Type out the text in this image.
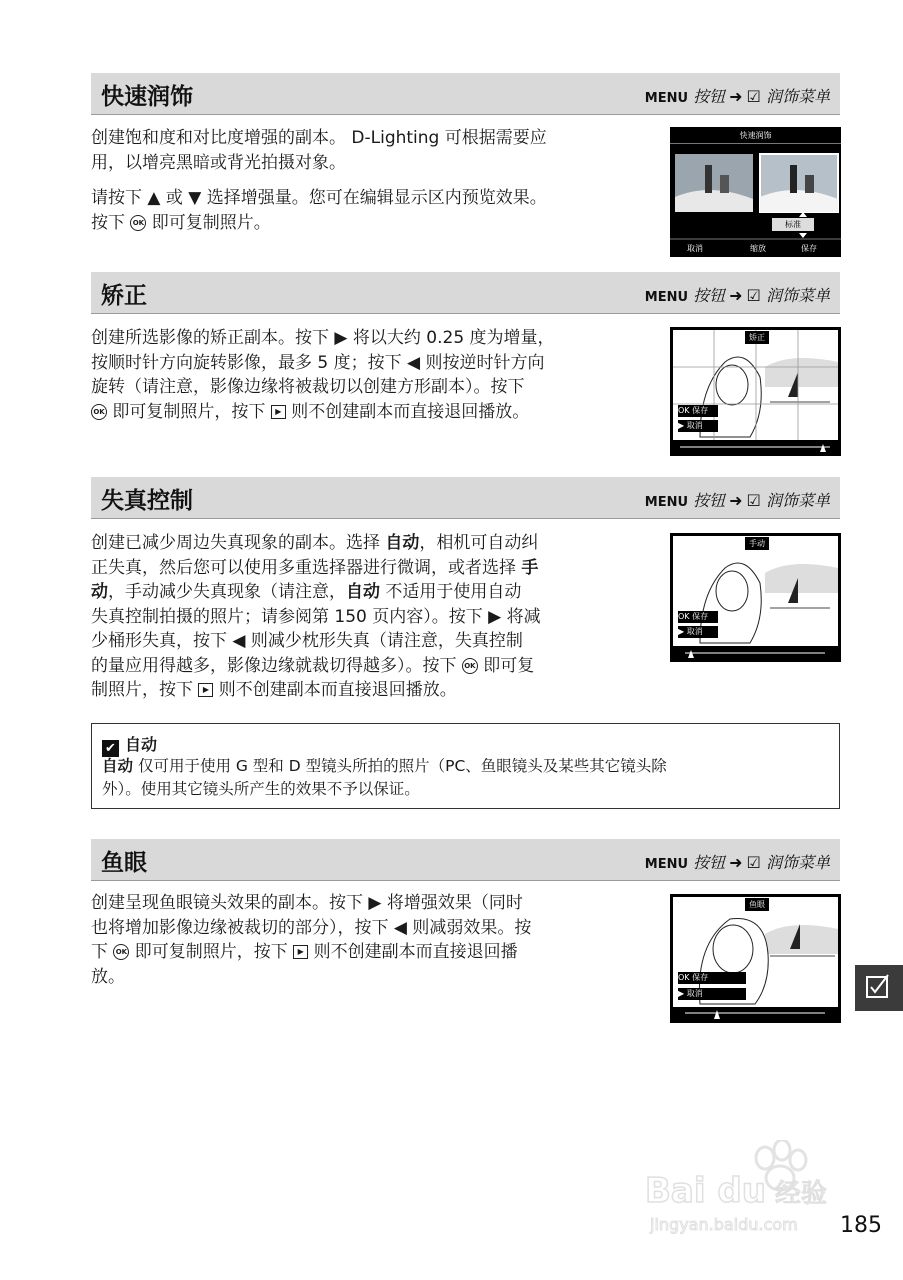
快速润饰	MENU 按钮 ➜ ☑ 润饰菜单
创建饱和度和对比度增强的副本。 D-Lighting 可根据需要应
用，以增亮黑暗或背光拍摄对象。
请按下 ▲ 或 ▼ 选择增强量。您可在编辑显示区内预览效果。
按下 OK 即可复制照片。
快速润饰
标准
取消	缩放	保存
矫正	MENU 按钮 ➜ ☑ 润饰菜单
创建所选影像的矫正副本。按下 ▶ 将以大约 0.25 度为增量，
按顺时针方向旋转影像，最多 5 度；按下 ◀ 则按逆时针方向
旋转（请注意，影像边缘将被裁切以创建方形副本）。按下
OK 即可复制照片，按下 ▶ 则不创建副本而直接退回播放。
矫正
OK 保存
▶ 取消
失真控制	MENU 按钮 ➜ ☑ 润饰菜单
创建已减少周边失真现象的副本。选择 自动，相机可自动纠
正失真，然后您可以使用多重选择器进行微调，或者选择 手
动，手动减少失真现象（请注意，自动 不适用于使用自动
失真控制拍摄的照片；请参阅第 150 页内容）。按下 ▶ 将减
少桶形失真，按下 ◀ 则减少枕形失真（请注意，失真控制
的量应用得越多，影像边缘就裁切得越多）。按下 OK 即可复
制照片，按下 ▶ 则不创建副本而直接退回播放。
手动
OK 保存
▶ 取消
✔ 自动
自动 仅可用于使用 G 型和 D 型镜头所拍的照片（PC、鱼眼镜头及某些其它镜头除
外）。使用其它镜头所产生的效果不予以保证。
鱼眼	MENU 按钮 ➜ ☑ 润饰菜单
创建呈现鱼眼镜头效果的副本。按下 ▶ 将增强效果（同时
也将增加影像边缘被裁切的部分），按下 ◀ 则减弱效果。按
下 OK 即可复制照片，按下 ▶ 则不创建副本而直接退回播
放。
鱼眼
OK 保存
▶ 取消
Bai du 经验
jingyan.baidu.com 185
